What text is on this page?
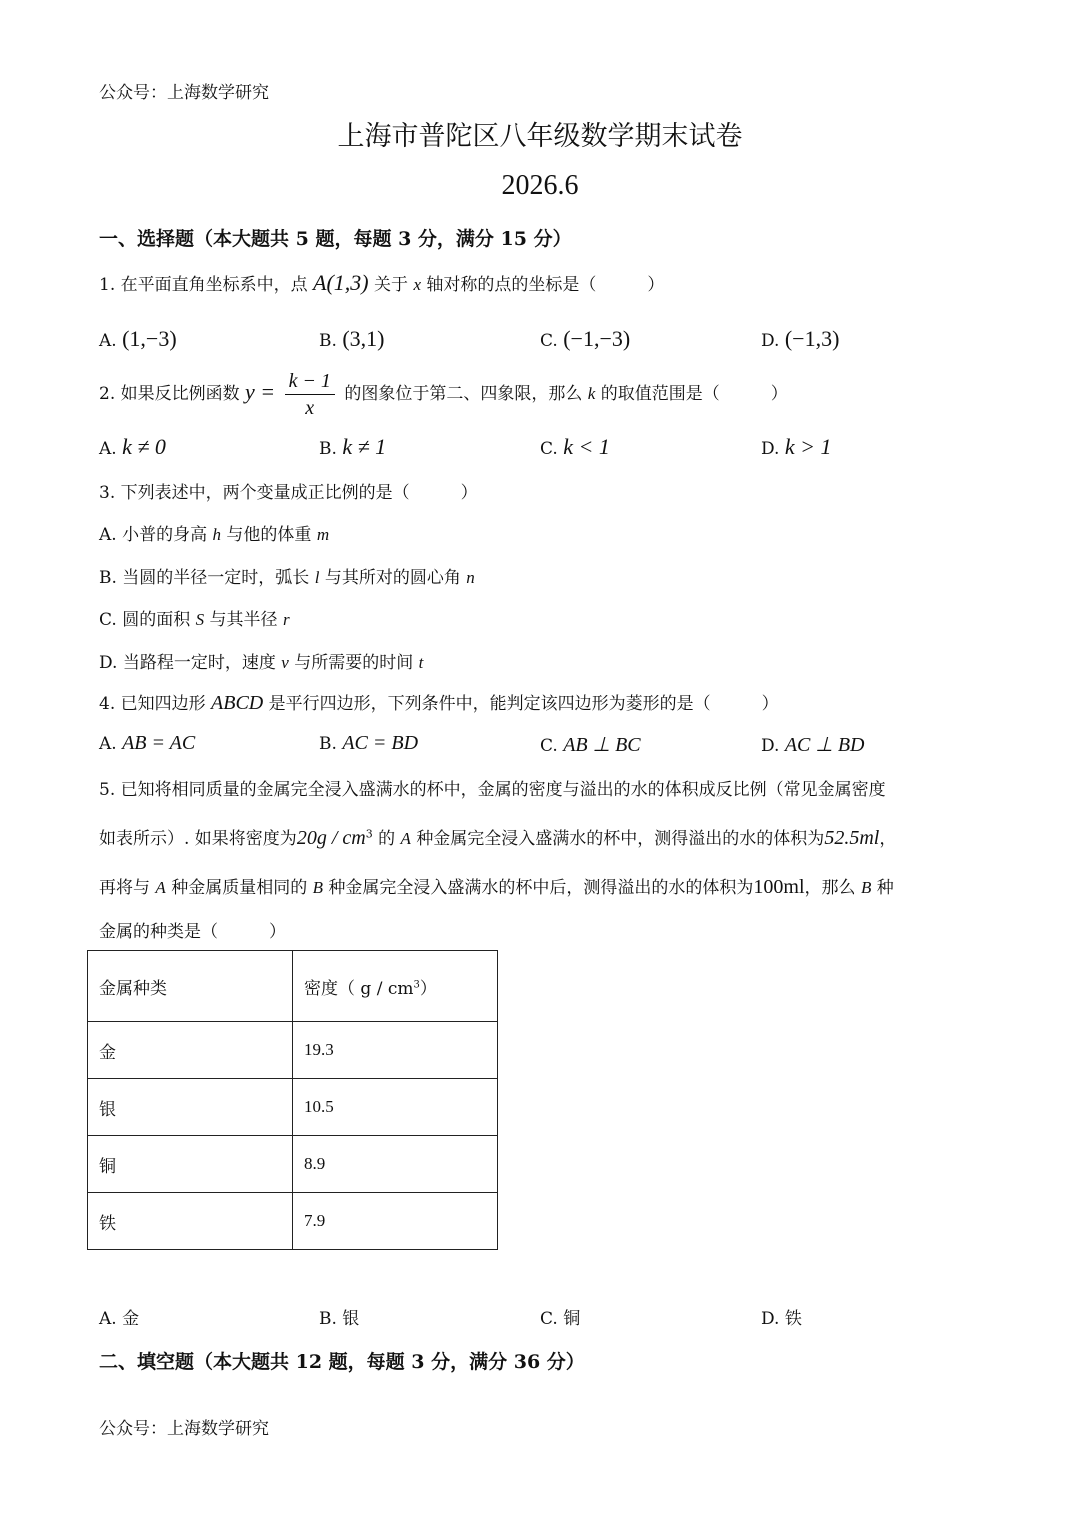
公众号：上海数学研究
上海市普陀区八年级数学期末试卷
2026.6
一、选择题（本大题共 5 题，每题 3 分，满分 15 分）
1. 在平面直角坐标系中，点 A(1,3) 关于 x 轴对称的点的坐标是（　　　）
A. (1,−3)	B. (3,1)	C. (−1,−3)	D. (−1,3)
2. 如果反比例函数 $y = \frac{k - 1}{x}$ 的图象位于第二、四象限，那么 k 的取值范围是（　　　）
A. k ≠ 0	B. k ≠ 1	C. k < 1	D. k > 1
3. 下列表述中，两个变量成正比例的是（　　　）
A. 小普的身高 h 与他的体重 m
B. 当圆的半径一定时，弧长 l 与其所对的圆心角 n
C. 圆的面积 S 与其半径 r
D. 当路程一定时，速度 v 与所需要的时间 t
4. 已知四边形 ABCD 是平行四边形，下列条件中，能判定该四边形为菱形的是（　　　）
A. AB = AC	B. AC = BD	C. AB ⊥ BC	D. AC ⊥ BD
5. 已知将相同质量的金属完全浸入盛满水的杯中，金属的密度与溢出的水的体积成反比例（常见金属密度
如表所示）. 如果将密度为$20g / cm^3$ 的 A 种金属完全浸入盛满水的杯中，测得溢出的水的体积为52.5ml，
再将与 A 种金属质量相同的 B 种金属完全浸入盛满水的杯中后，测得溢出的水的体积为100ml，那么 B 种
金属的种类是（　　　）
金属种类	密度（ g / $cm^3$）
金	19.3
银	10.5
铜	8.9
铁	7.9
A. 金	B. 银	C. 铜	D. 铁
二、填空题（本大题共 12 题，每题 3 分，满分 36 分）
公众号：上海数学研究
